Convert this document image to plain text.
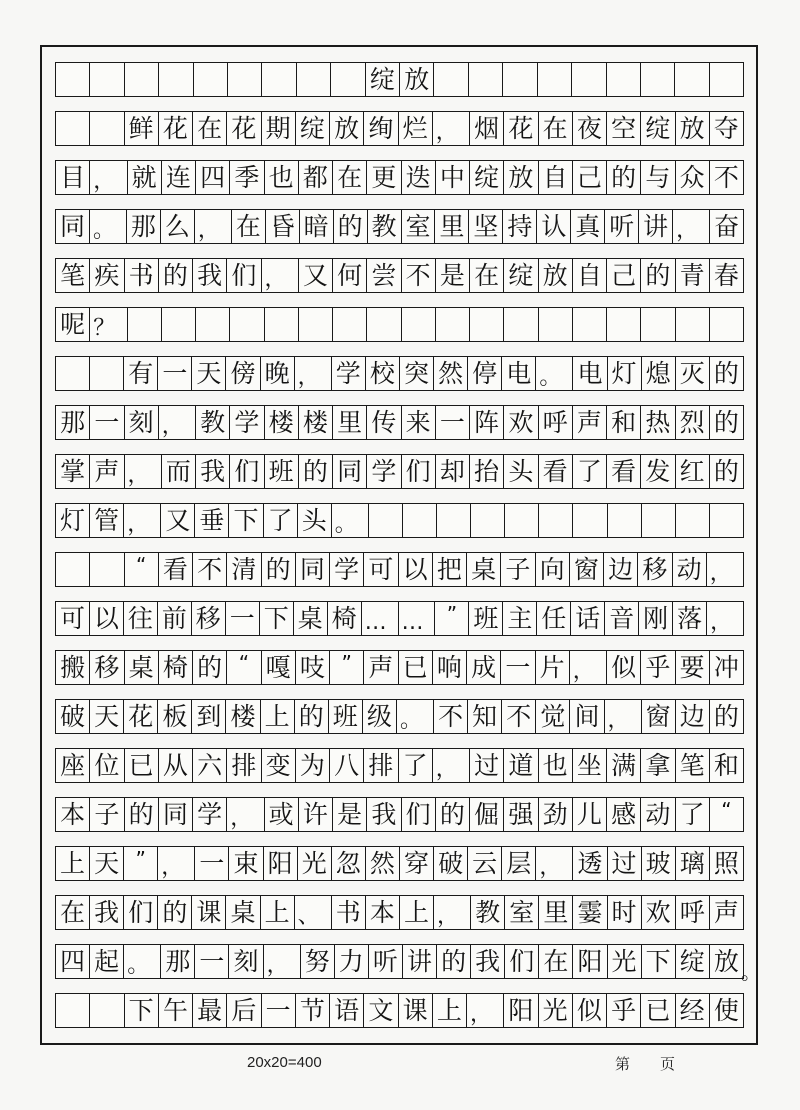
绽 放
鲜 花 在 花 期 绽 放 绚 烂 ， 烟 花 在 夜 空 绽 放 夺
目 ， 就 连 四 季 也 都 在 更 迭 中 绽 放 自 己 的 与 众 不
同 。 那 么 ， 在 昏 暗 的 教 室 里 坚 持 认 真 听 讲 ， 奋
笔 疾 书 的 我 们 ， 又 何 尝 不 是 在 绽 放 自 己 的 青 春
呢 ？
有 一 天 傍 晚 ， 学 校 突 然 停 电 。 电 灯 熄 灭 的
那 一 刻 ， 教 学 楼 楼 里 传 来 一 阵 欢 呼 声 和 热 烈 的
掌 声 ， 而 我 们 班 的 同 学 们 却 抬 头 看 了 看 发 红 的
灯 管 ， 又 垂 下 了 头 。
“ 看 不 清 的 同 学 可 以 把 桌 子 向 窗 边 移 动 ，
可 以 往 前 移 一 下 桌 椅 … …	” 班 主 任 话 音 刚 落 ，
搬 移 桌 椅 的 “ 嘎 吱 ” 声 已 响 成 一 片 ， 似 乎 要 冲
破 天 花 板 到 楼 上 的 班 级 。 不 知 不 觉 间 ， 窗 边 的
座 位 已 从 六 排 变 为 八 排 了 ， 过 道 也 坐 满 拿 笔 和
本 子 的 同 学 ， 或 许 是 我 们 的 倔 强 劲 儿 感 动 了 “
上 天 ” ， 一 束 阳 光 忽 然 穿 破 云 层 ， 透 过 玻 璃 照
在 我 们 的 课 桌 上 、 书 本 上 ， 教 室 里 霎 时 欢 呼 声
四 起 。 那 一 刻 ， 努 力 听 讲 的 我 们 在 阳 光 下 绽 放
下 午 最 后 一 节 语 文 课 上 ， 阳 光 似 乎 已 经 使
。
20x20=400	第 页
